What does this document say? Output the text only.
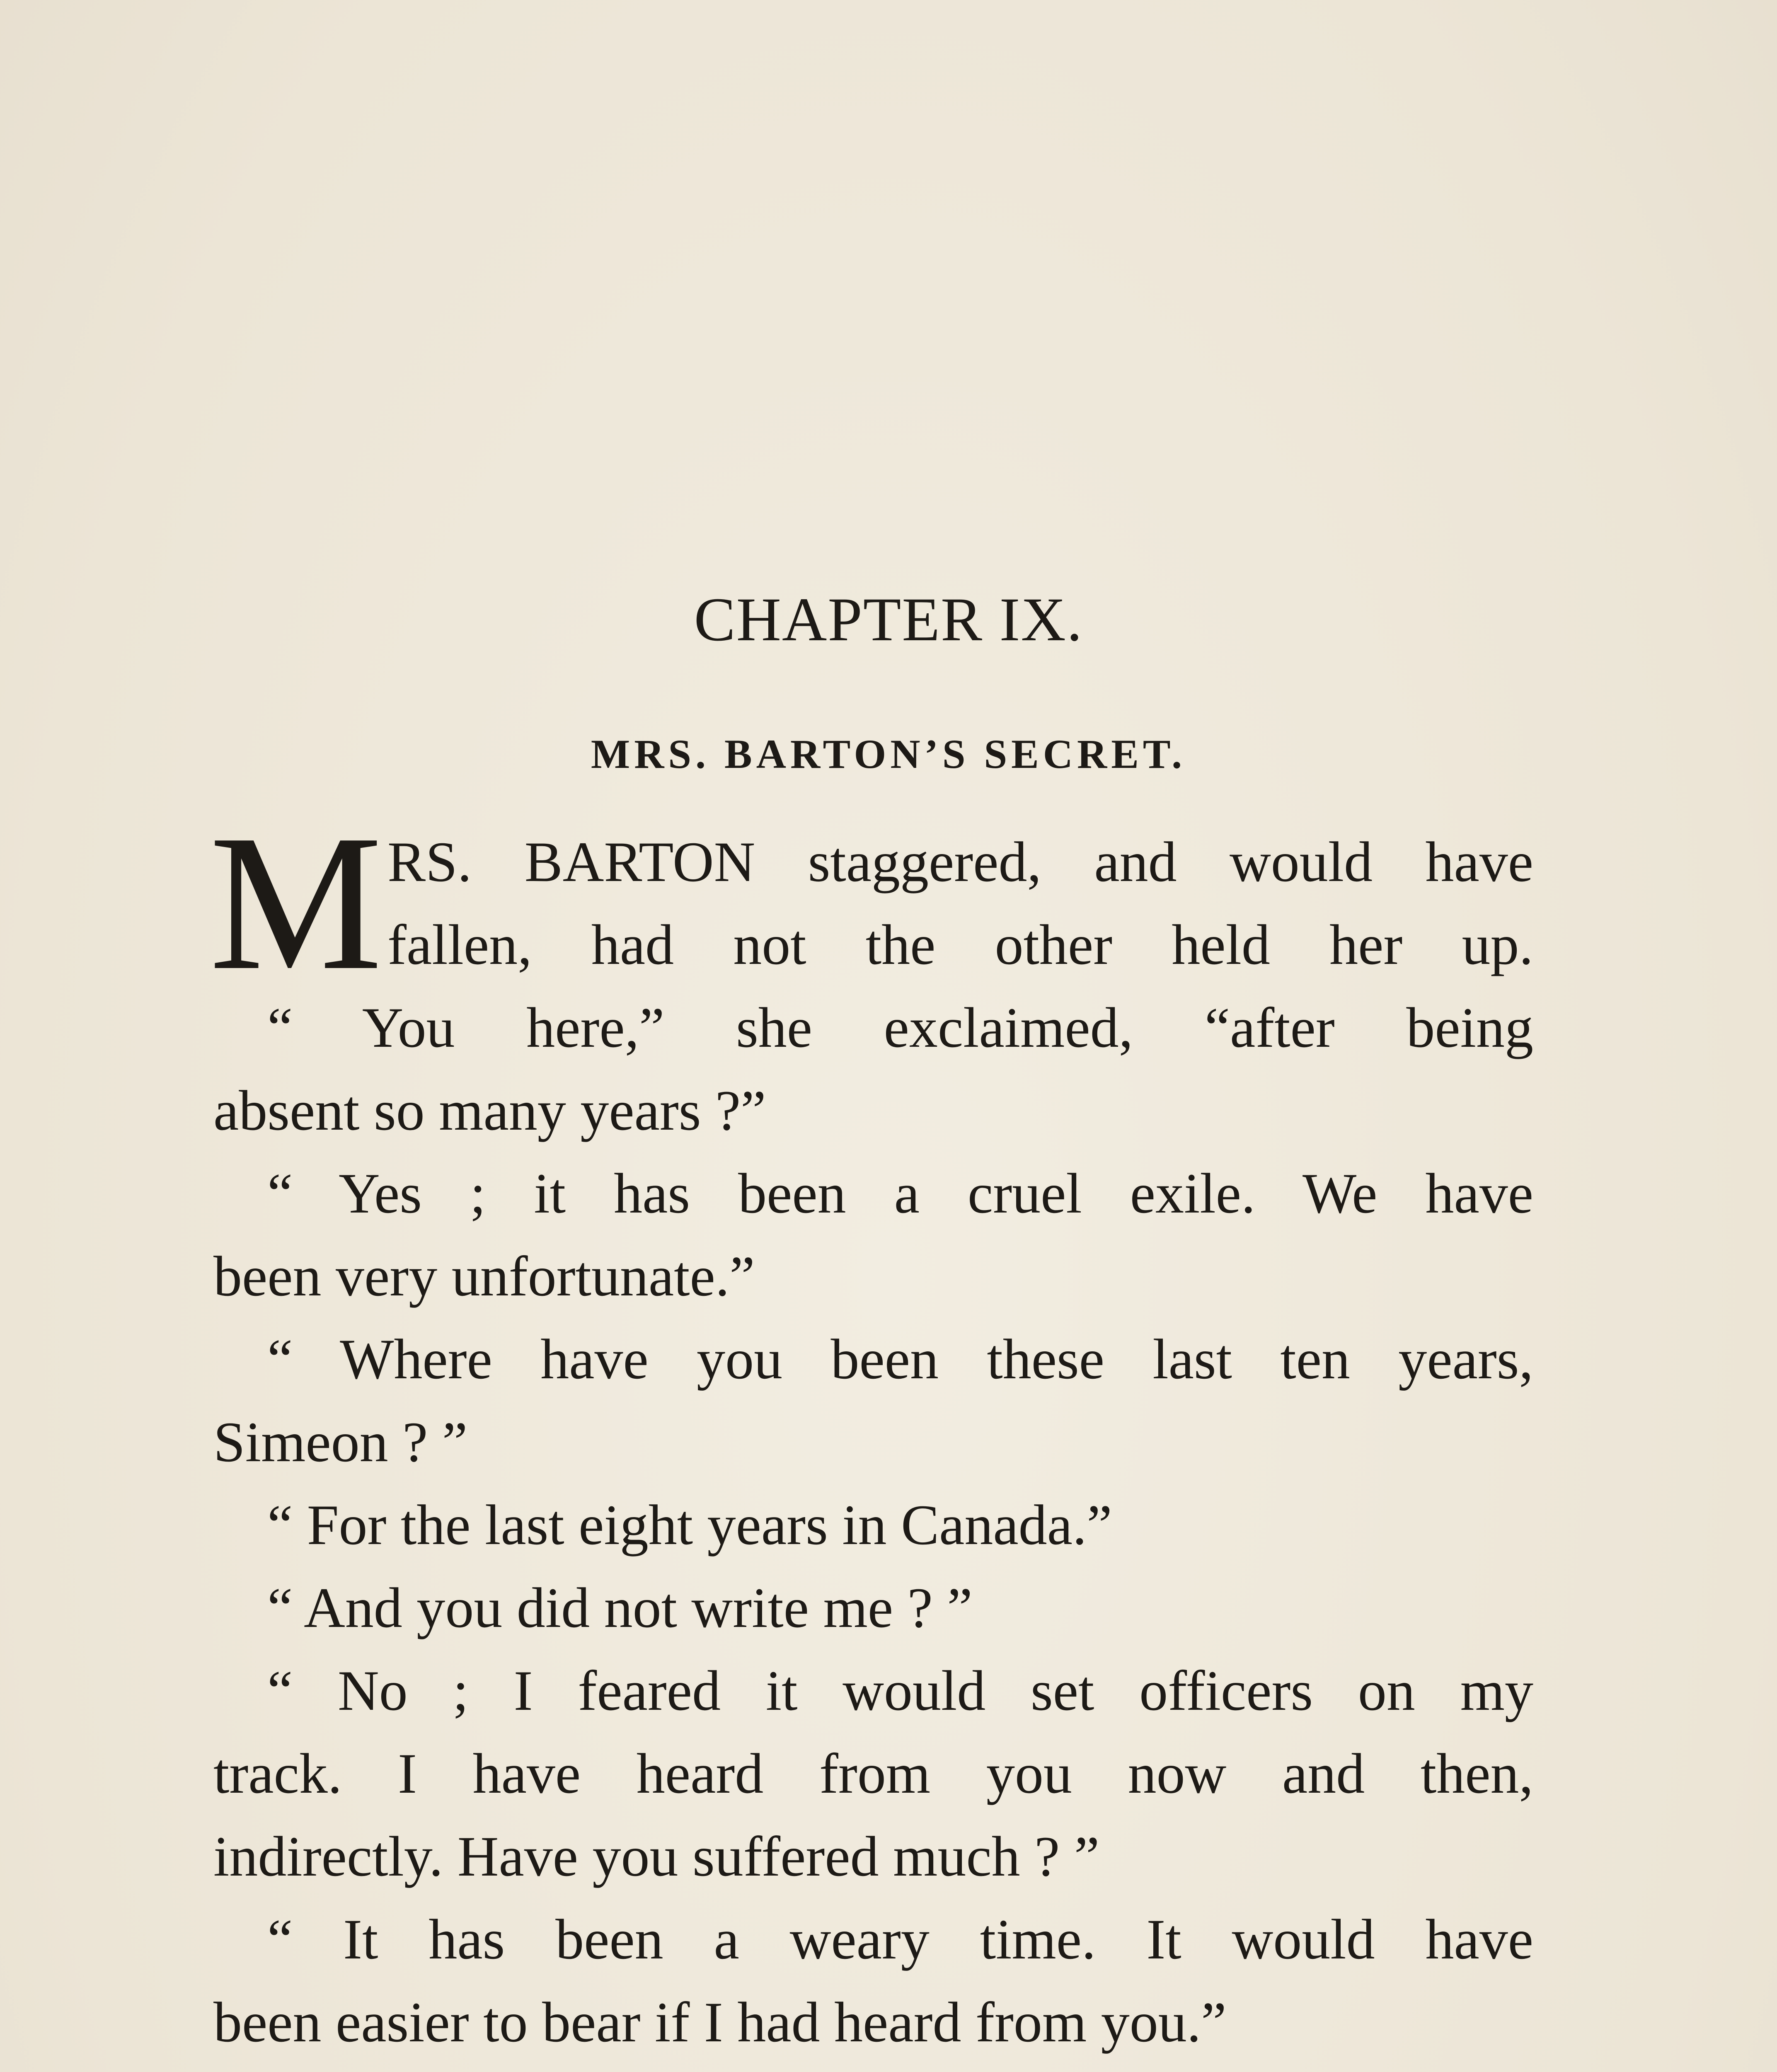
CHAPTER IX.
MRS. BARTON’S SECRET.
M RS. BARTON staggered, and would have
fallen, had not the other held her up.
“ You here,” she exclaimed, “after being
absent so many years ?”
“ Yes ; it has been a cruel exile. We have
been very unfortunate.”
“ Where have you been these last ten years,
Simeon ? ”
“ For the last eight years in Canada.”
“ And you did not write me ? ”
“ No ; I feared it would set officers on my
track. I have heard from you now and then,
indirectly. Have you suffered much ? ”
“ It has been a weary time. It would have
been easier to bear if I had heard from you.”
